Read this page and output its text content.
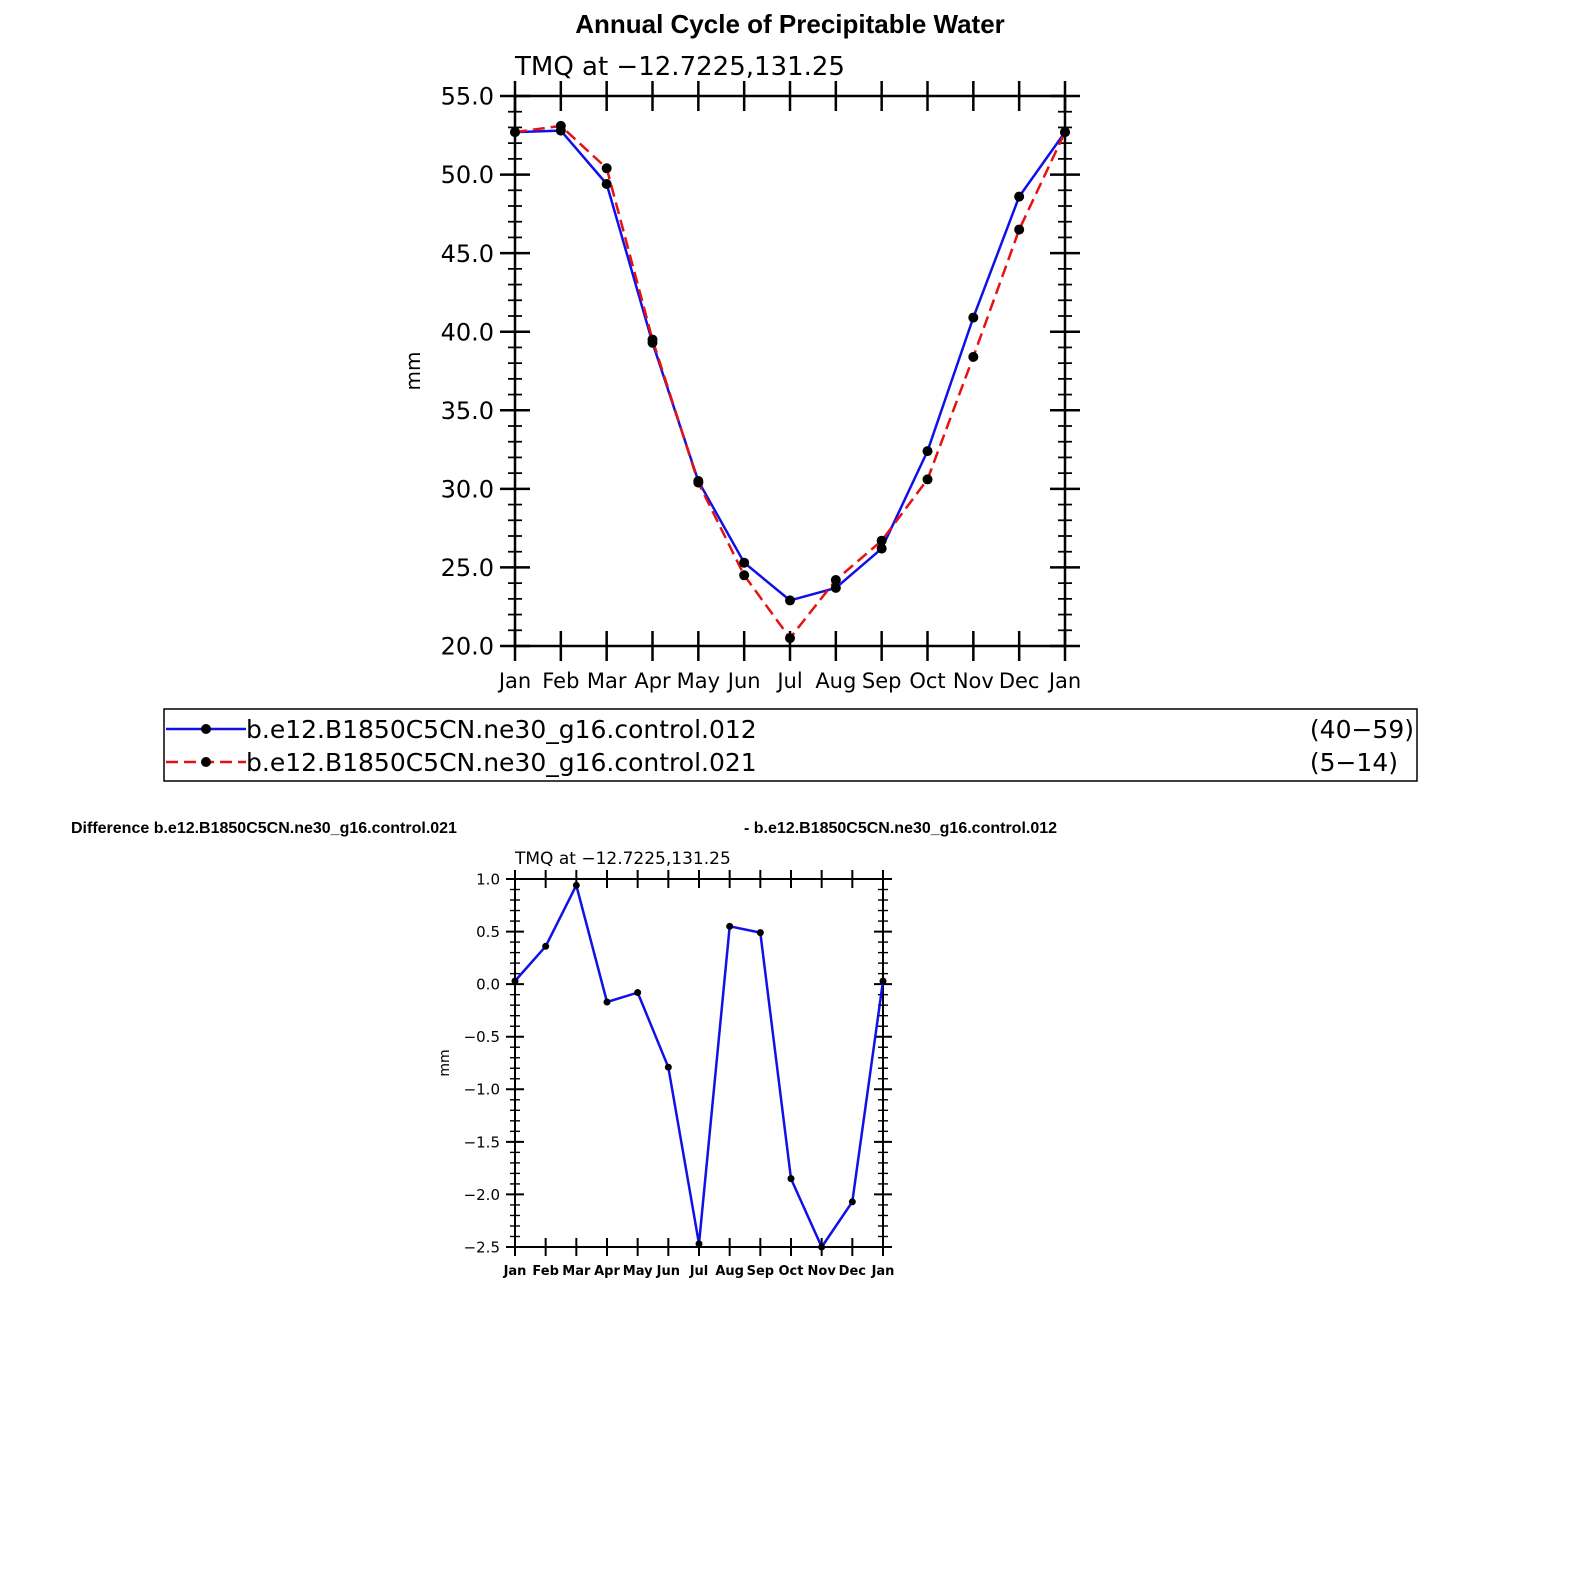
Annual Cycle of Precipitable Water
Difference b.e12.B1850C5CN.ne30_g16.control.021	- b.e12.B1850C5CN.ne30_g16.control.012
20.0
25.0
30.0
35.0
40.0
45.0
50.0
55.0
Jan Feb Mar Apr May Jun Jul Aug Sep Oct Nov Dec Jan
TMQ at −12.7225,131.25
mm
−2.5
−2.0
−1.5
−1.0
−0.5
0.0
0.5
1.0
Jan Feb Mar Apr May Jun Jul Aug Sep Oct Nov Dec Jan
TMQ at −12.7225,131.25
mm
b.e12.B1850C5CN.ne30_g16.control.012	(40−59)
b.e12.B1850C5CN.ne30_g16.control.021	(5−14)
